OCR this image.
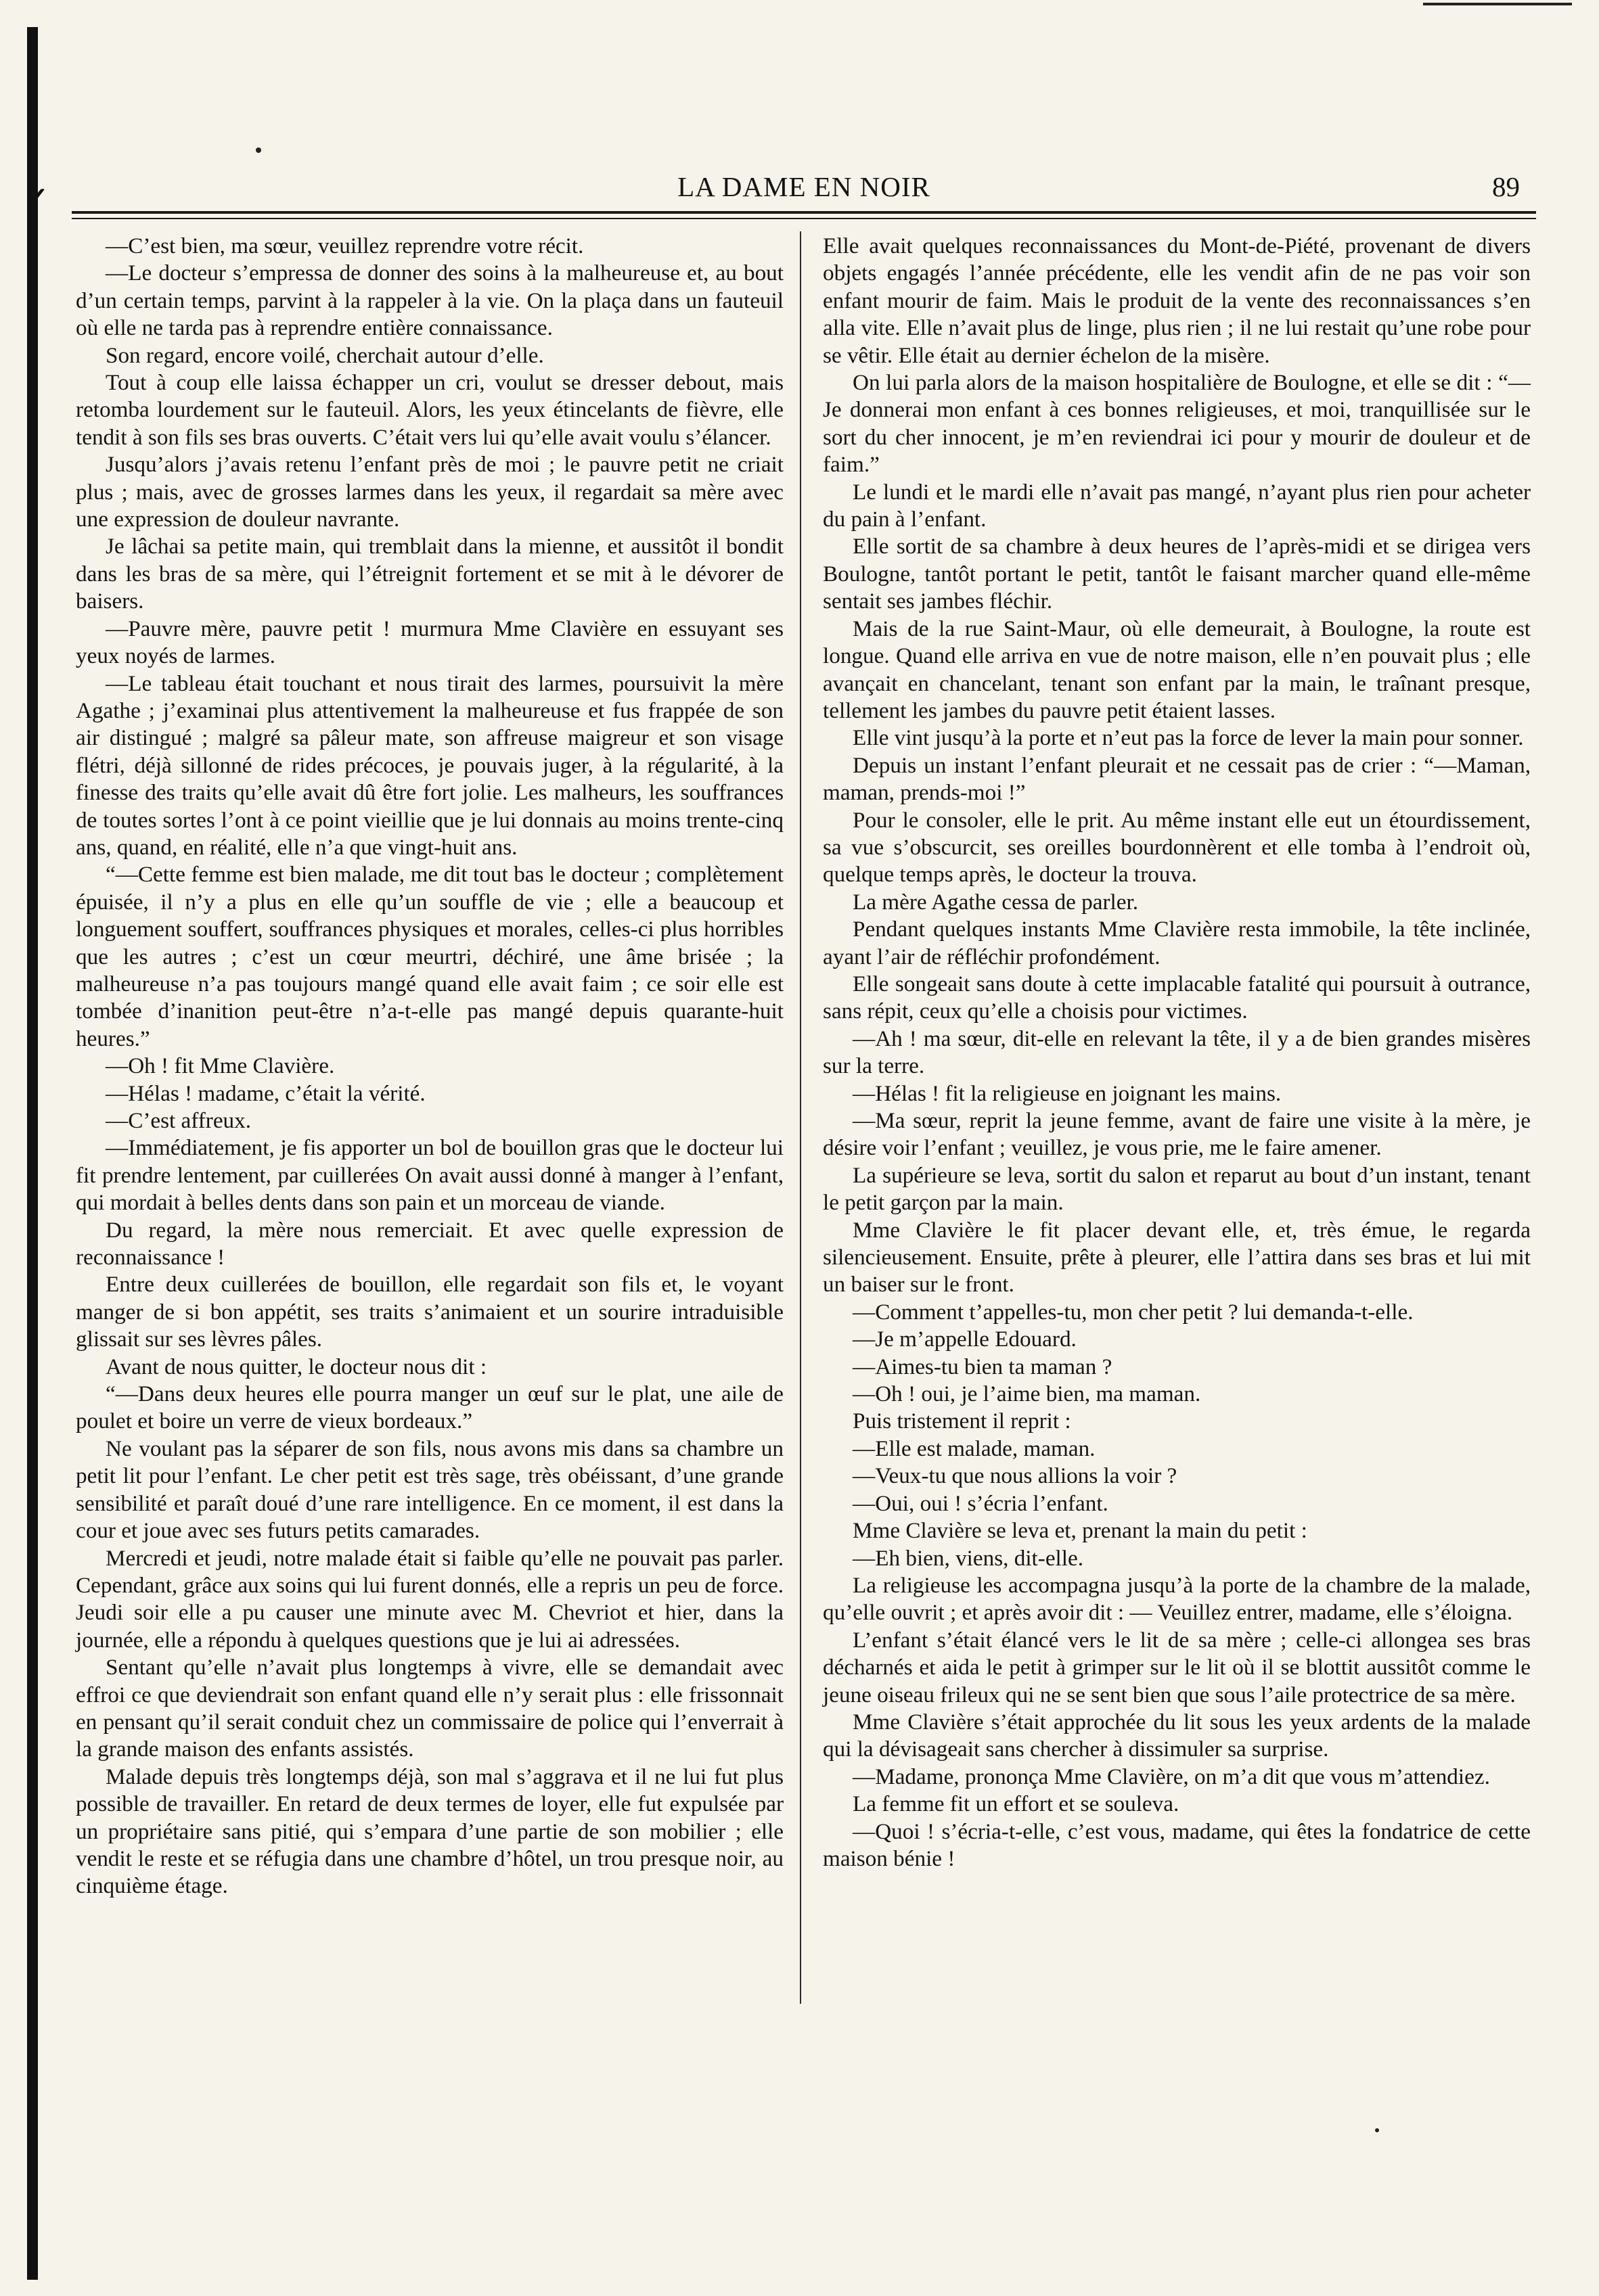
✓	LA DAME EN NOIR	89

—C’est bien, ma sœur, veuillez reprendre votre récit.

—Le docteur s’empressa de donner des soins à la malheureuse et, au bout d’un certain temps, parvint à la rappeler à la vie. On la plaça dans un fauteuil où elle ne tarda pas à reprendre entière connaissance.

Son regard, encore voilé, cherchait autour d’elle.

Tout à coup elle laissa échapper un cri, voulut se dresser debout, mais retomba lourdement sur le fauteuil. Alors, les yeux étincelants de fièvre, elle tendit à son fils ses bras ouverts. C’était vers lui qu’elle avait voulu s’élancer.

Jusqu’alors j’avais retenu l’enfant près de moi ; le pauvre petit ne criait plus ; mais, avec de grosses larmes dans les yeux, il regardait sa mère avec une expression de douleur navrante.

Je lâchai sa petite main, qui tremblait dans la mienne, et aussitôt il bondit dans les bras de sa mère, qui l’étreignit fortement et se mit à le dévorer de baisers.

—Pauvre mère, pauvre petit ! murmura Mme Clavière en essuyant ses yeux noyés de larmes.

—Le tableau était touchant et nous tirait des larmes, poursuivit la mère Agathe ; j’examinai plus attentivement la malheureuse et fus frappée de son air distingué ; malgré sa pâleur mate, son affreuse maigreur et son visage flétri, déjà sillonné de rides précoces, je pouvais juger, à la régularité, à la finesse des traits qu’elle avait dû être fort jolie. Les malheurs, les souffrances de toutes sortes l’ont à ce point vieillie que je lui donnais au moins trente-cinq ans, quand, en réalité, elle n’a que vingt-huit ans.

“—Cette femme est bien malade, me dit tout bas le docteur ; complètement épuisée, il n’y a plus en elle qu’un souffle de vie ; elle a beaucoup et longuement souffert, souffrances physiques et morales, celles-ci plus horribles que les autres ; c’est un cœur meurtri, déchiré, une âme brisée ; la malheureuse n’a pas toujours mangé quand elle avait faim ; ce soir elle est tombée d’inanition peut-être n’a-t-elle pas mangé depuis quarante-huit heures.”

—Oh ! fit Mme Clavière.

—Hélas ! madame, c’était la vérité.

—C’est affreux.

—Immédiatement, je fis apporter un bol de bouillon gras que le docteur lui fit prendre lentement, par cuillerées On avait aussi donné à manger à l’enfant, qui mordait à belles dents dans son pain et un morceau de viande.

Du regard, la mère nous remerciait. Et avec quelle expression de reconnaissance !

Entre deux cuillerées de bouillon, elle regardait son fils et, le voyant manger de si bon appétit, ses traits s’animaient et un sourire intraduisible glissait sur ses lèvres pâles.

Avant de nous quitter, le docteur nous dit :

“—Dans deux heures elle pourra manger un œuf sur le plat, une aile de poulet et boire un verre de vieux bordeaux.”

Ne voulant pas la séparer de son fils, nous avons mis dans sa chambre un petit lit pour l’enfant. Le cher petit est très sage, très obéissant, d’une grande sensibilité et paraît doué d’une rare intelligence. En ce moment, il est dans la cour et joue avec ses futurs petits camarades.

Mercredi et jeudi, notre malade était si faible qu’elle ne pouvait pas parler. Cependant, grâce aux soins qui lui furent donnés, elle a repris un peu de force. Jeudi soir elle a pu causer une minute avec M. Chevriot et hier, dans la journée, elle a répondu à quelques questions que je lui ai adressées.

Sentant qu’elle n’avait plus longtemps à vivre, elle se demandait avec effroi ce que deviendrait son enfant quand elle n’y serait plus : elle frissonnait en pensant qu’il serait conduit chez un commissaire de police qui l’enverrait à la grande maison des enfants assistés.

Malade depuis très longtemps déjà, son mal s’aggrava et il ne lui fut plus possible de travailler. En retard de deux termes de loyer, elle fut expulsée par un propriétaire sans pitié, qui s’empara d’une partie de son mobilier ; elle vendit le reste et se réfugia dans une chambre d’hôtel, un trou presque noir, au cinquième étage.

Elle avait quelques reconnaissances du Mont-de-Piété, provenant de divers objets engagés l’année précédente, elle les vendit afin de ne pas voir son enfant mourir de faim. Mais le produit de la vente des reconnaissances s’en alla vite. Elle n’avait plus de linge, plus rien ; il ne lui restait qu’une robe pour se vêtir. Elle était au dernier échelon de la misère.

On lui parla alors de la maison hospitalière de Boulogne, et elle se dit : “—Je donnerai mon enfant à ces bonnes religieuses, et moi, tranquillisée sur le sort du cher innocent, je m’en reviendrai ici pour y mourir de douleur et de faim.”

Le lundi et le mardi elle n’avait pas mangé, n’ayant plus rien pour acheter du pain à l’enfant.

Elle sortit de sa chambre à deux heures de l’après-midi et se dirigea vers Boulogne, tantôt portant le petit, tantôt le faisant marcher quand elle-même sentait ses jambes fléchir.

Mais de la rue Saint-Maur, où elle demeurait, à Boulogne, la route est longue. Quand elle arriva en vue de notre maison, elle n’en pouvait plus ; elle avançait en chancelant, tenant son enfant par la main, le traînant presque, tellement les jambes du pauvre petit étaient lasses.

Elle vint jusqu’à la porte et n’eut pas la force de lever la main pour sonner.

Depuis un instant l’enfant pleurait et ne cessait pas de crier : “—Maman, maman, prends-moi !”

Pour le consoler, elle le prit. Au même instant elle eut un étourdissement, sa vue s’obscurcit, ses oreilles bourdonnèrent et elle tomba à l’endroit où, quelque temps après, le docteur la trouva.

La mère Agathe cessa de parler.

Pendant quelques instants Mme Clavière resta immobile, la tête inclinée, ayant l’air de réfléchir profondément.

Elle songeait sans doute à cette implacable fatalité qui poursuit à outrance, sans répit, ceux qu’elle a choisis pour victimes.

—Ah ! ma sœur, dit-elle en relevant la tête, il y a de bien grandes misères sur la terre.

—Hélas ! fit la religieuse en joignant les mains.

—Ma sœur, reprit la jeune femme, avant de faire une visite à la mère, je désire voir l’enfant ; veuillez, je vous prie, me le faire amener.

La supérieure se leva, sortit du salon et reparut au bout d’un instant, tenant le petit garçon par la main.

Mme Clavière le fit placer devant elle, et, très émue, le regarda silencieusement. Ensuite, prête à pleurer, elle l’attira dans ses bras et lui mit un baiser sur le front.

—Comment t’appelles-tu, mon cher petit ? lui demanda-t-elle.

—Je m’appelle Edouard.

—Aimes-tu bien ta maman ?

—Oh ! oui, je l’aime bien, ma maman.

Puis tristement il reprit :

—Elle est malade, maman.

—Veux-tu que nous allions la voir ?

—Oui, oui ! s’écria l’enfant.

Mme Clavière se leva et, prenant la main du petit :

—Eh bien, viens, dit-elle.

La religieuse les accompagna jusqu’à la porte de la chambre de la malade, qu’elle ouvrit ; et après avoir dit : — Veuillez entrer, madame, elle s’éloigna.

L’enfant s’était élancé vers le lit de sa mère ; celle-ci allongea ses bras décharnés et aida le petit à grimper sur le lit où il se blottit aussitôt comme le jeune oiseau frileux qui ne se sent bien que sous l’aile protectrice de sa mère.

Mme Clavière s’était approchée du lit sous les yeux ardents de la malade qui la dévisageait sans chercher à dissimuler sa surprise.

—Madame, prononça Mme Clavière, on m’a dit que vous m’attendiez.

La femme fit un effort et se souleva.

—Quoi ! s’écria-t-elle, c’est vous, madame, qui êtes la fondatrice de cette maison bénie !
